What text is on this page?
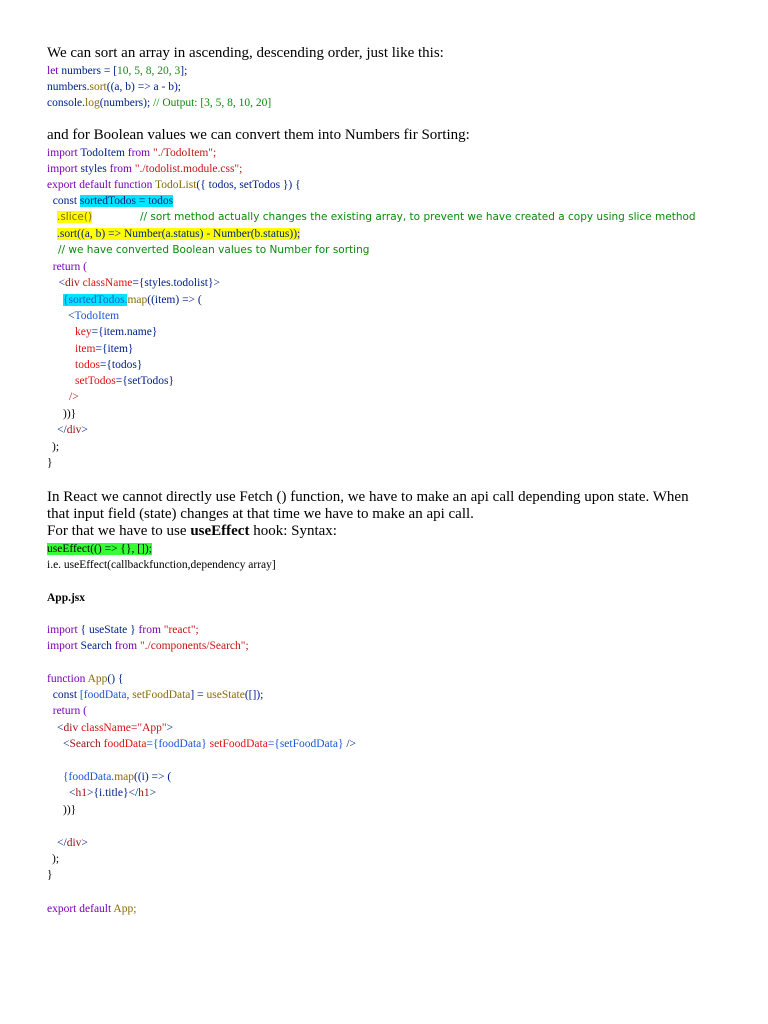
We can sort an array in ascending, descending order, just like this:
let numbers = [10, 5, 8, 20, 3];
numbers.sort((a, b) => a - b);
console.log(numbers); // Output: [3, 5, 8, 10, 20]
and for Boolean values we can convert them into Numbers fir Sorting:
import TodoItem from "./TodoItem";
import styles from "./todolist.module.css";
export default function TodoList({ todos, setTodos }) {
const sortedTodos = todos
.slice()	// sort method actually changes the existing array, to prevent we have created a copy using slice method
.sort((a, b) => Number(a.status) - Number(b.status));
// we have converted Boolean values to Number for sorting
return (
<div className={styles.todolist}>
{sortedTodos.map((item) => (
<TodoItem
key={item.name}
item={item}
todos={todos}
setTodos={setTodos}
/>
))}
</div>
);
}
In React we cannot directly use Fetch () function, we have to make an api call depending upon state. When
that input field (state) changes at that time we have to make an api call.
For that we have to use useEffect hook: Syntax:
useEffect(() => {}, []);
i.e. useEffect(callbackfunction,dependency array]
App.jsx
import { useState } from "react";
import Search from "./components/Search";
function App() {
const [foodData, setFoodData] = useState([]);
return (
<div className="App">
<Search foodData={foodData} setFoodData={setFoodData} />
{foodData.map((i) => (
<h1>{i.title}</h1>
))}
</div>
);
}
export default App;
